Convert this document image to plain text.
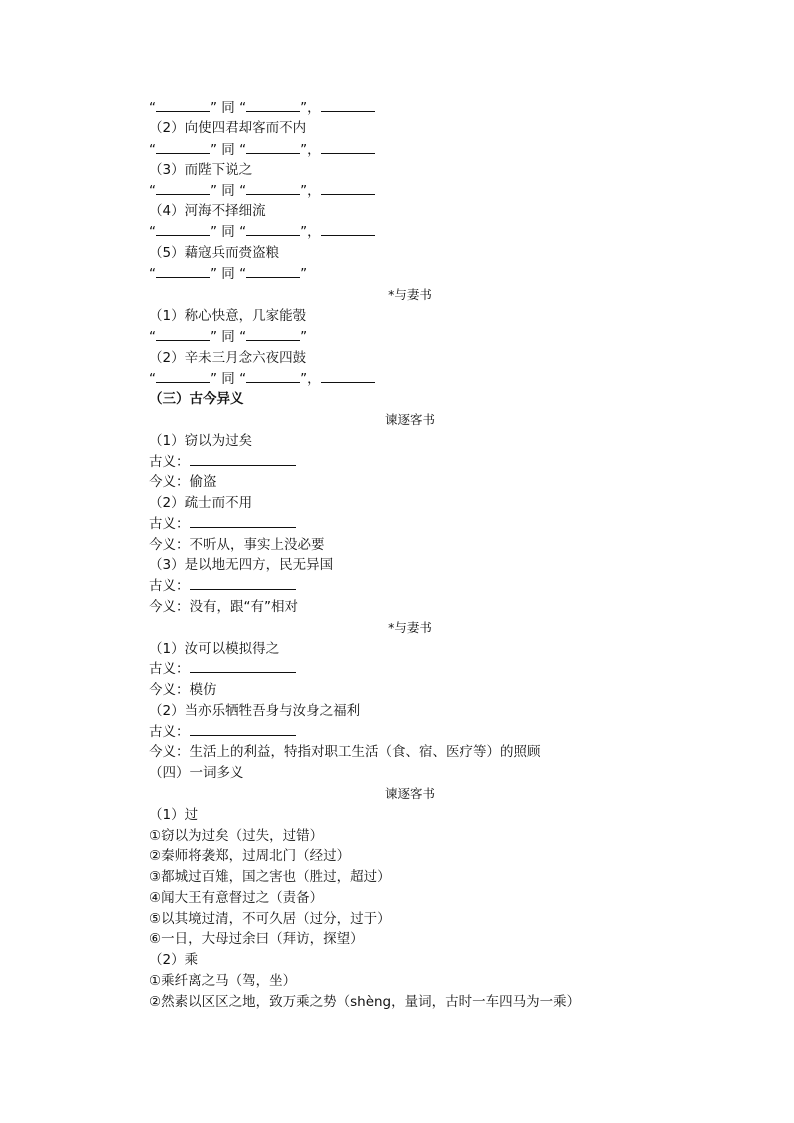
“	” 同 “	”，
（2）向使四君却客而不内
“	” 同 “	”，
（3）而陛下说之
“	” 同 “	”，
（4）河海不择细流
“	” 同 “	”，
（5）藉寇兵而赍盗粮
“	” 同 “	”
*与妻书
（1）称心快意，几家能彀
“	” 同 “	”
（2）辛未三月念六夜四鼓
“	” 同 “	”，
（三）古今异义
谏逐客书
（1）窃以为过矣
古义：
今义：偷盗
（2）疏士而不用
古义：
今义：不听从，事实上没必要
（3）是以地无四方，民无异国
古义：
今义：没有，跟“有”相对
*与妻书
（1）汝可以模拟得之
古义：
今义：模仿
（2）当亦乐牺牲吾身与汝身之福利
古义：
今义：生活上的利益，特指对职工生活（食、宿、医疗等）的照顾
（四）一词多义
谏逐客书
（1）过
①窃以为过矣（过失，过错）
②秦师将袭郑，过周北门（经过）
③都城过百雉，国之害也（胜过，超过）
④闻大王有意督过之（责备）
⑤以其境过清，不可久居（过分，过于）
⑥一日，大母过余曰（拜访，探望）
（2）乘
①乘纤离之马（驾，坐）
②然素以区区之地，致万乘之势（shèng，量词，古时一车四马为一乘）
